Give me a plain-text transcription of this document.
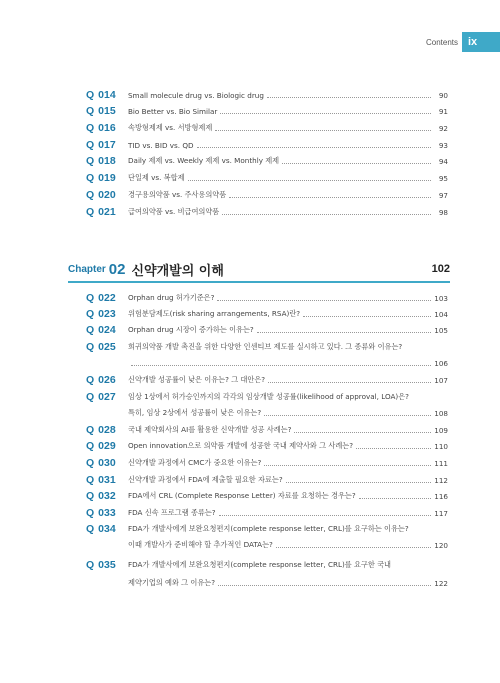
Contents ix
Q 014	Small molecule drug vs. Biologic drug	90
Q 015	Bio Better vs. Bio Similar	91
Q 016	속방형제제 vs. 서방형제제	92
Q 017	TID vs. BID vs. QD	93
Q 018	Daily 제제 vs. Weekly 제제 vs. Monthly 제제	94
Q 019	단일제 vs. 복합제	95
Q 020	경구용의약품 vs. 주사용의약품	97
Q 021	급여의약품 vs. 비급여의약품	98
Chapter 02 신약개발의 이해	102
Q 022	Orphan drug 허가기준은?	103
Q 023	위험분담제도(risk sharing arrangements, RSA)란?	104
Q 024	Orphan drug 시장이 증가하는 이유는?	105
Q 025	희귀의약품 개발 촉진을 위한 다양한 인센티브 제도를 실시하고 있다. 그 종류와 이유는?
106
Q 026	신약개발 성공률이 낮은 이유는? 그 대안은?	107
Q 027	임상 1상에서 허가승인까지의 각각의 임상개발 성공률(likelihood of approval, LOA)은?
특히, 임상 2상에서 성공률이 낮은 이유는?	108
Q 028	국내 제약회사의 AI를 활용한 신약개발 성공 사례는?	109
Q 029	Open innovation으로 의약품 개발에 성공한 국내 제약사와 그 사례는?	110
Q 030	신약개발 과정에서 CMC가 중요한 이유는?	111
Q 031	신약개발 과정에서 FDA에 제출할 필요한 자료는?	112
Q 032	FDA에서 CRL (Complete Response Letter) 자료를 요청하는 경우는?	116
Q 033	FDA 신속 프로그램 종류는?	117
Q 034	FDA가 개발사에게 보완요청편지(complete response letter, CRL)를 요구하는 이유는?
이때 개발사가 준비해야 할 추가적인 DATA는?	120
Q 035	FDA가 개발사에게 보완요청편지(complete response letter, CRL)를 요구한 국내
제약기업의 예와 그 이유는?	122
